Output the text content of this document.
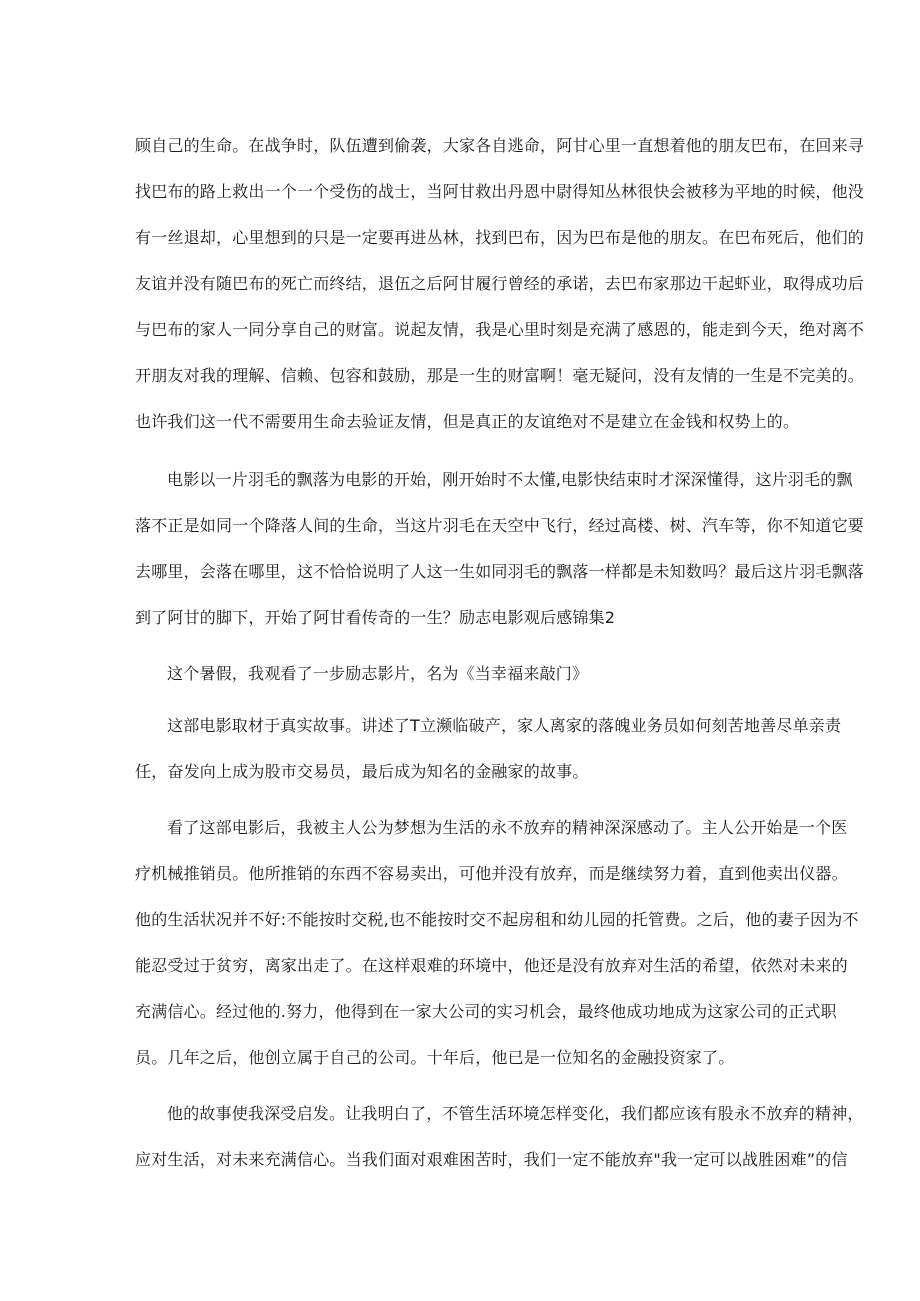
顾自己的生命。在战争时，队伍遭到偷袭，大家各自逃命，阿甘心里一直想着他的朋友巴布，在回来寻
找巴布的路上救出一个一个受伤的战士，当阿甘救出丹恩中尉得知丛林很快会被移为平地的时候，他没
有一丝退却，心里想到的只是一定要再进丛林，找到巴布，因为巴布是他的朋友。在巴布死后，他们的
友谊并没有随巴布的死亡而终结，退伍之后阿甘履行曾经的承诺，去巴布家那边干起虾业，取得成功后
与巴布的家人一同分享自己的财富。说起友情，我是心里时刻是充满了感恩的，能走到今天，绝对离不
开朋友对我的理解、信赖、包容和鼓励，那是一生的财富啊！毫无疑问，没有友情的一生是不完美的。
也许我们这一代不需要用生命去验证友情，但是真正的友谊绝对不是建立在金钱和权势上的。
电影以一片羽毛的飘落为电影的开始，刚开始时不太懂,电影快结束时才深深懂得，这片羽毛的飘
落不正是如同一个降落人间的生命，当这片羽毛在天空中飞行，经过高楼、树、汽车等，你不知道它要
去哪里，会落在哪里，这不恰恰说明了人这一生如同羽毛的飘落一样都是未知数吗？最后这片羽毛飘落
到了阿甘的脚下，开始了阿甘看传奇的一生？励志电影观后感锦集2
这个暑假，我观看了一步励志影片，名为《当幸福来敲门》
这部电影取材于真实故事。讲述了T立濒临破产，家人离家的落魄业务员如何刻苦地善尽单亲责
任，奋发向上成为股市交易员，最后成为知名的金融家的故事。
看了这部电影后，我被主人公为梦想为生活的永不放弃的精神深深感动了。主人公开始是一个医
疗机械推销员。他所推销的东西不容易卖出，可他并没有放弃，而是继续努力着，直到他卖出仪器。
他的生活状况并不好:不能按时交税,也不能按时交不起房租和幼儿园的托管费。之后，他的妻子因为不
能忍受过于贫穷，离家出走了。在这样艰难的环境中，他还是没有放弃对生活的希望，依然对未来的
充满信心。经过他的.努力，他得到在一家大公司的实习机会，最终他成功地成为这家公司的正式职
员。几年之后，他创立属于自己的公司。十年后，他已是一位知名的金融投资家了。
他的故事使我深受启发。让我明白了，不管生活环境怎样变化，我们都应该有股永不放弃的精神，
应对生活，对未来充满信心。当我们面对艰难困苦时，我们一定不能放弃"我一定可以战胜困难”的信
